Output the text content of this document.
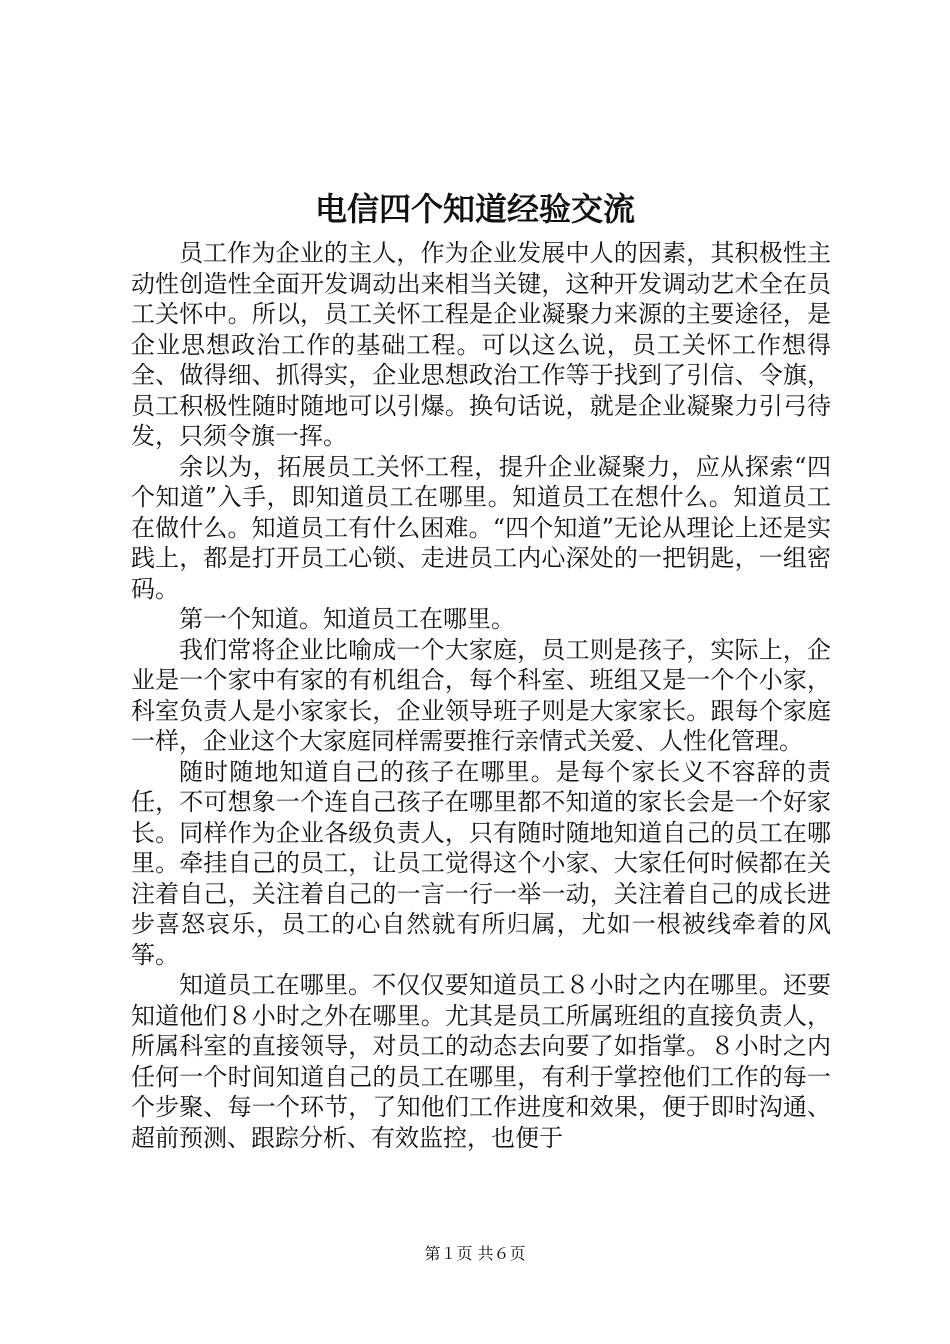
电信四个知道经验交流

员工作为企业的主人，作为企业发展中人的因素，其积极性主动性创造性全面开发调动出来相当关键，这种开发调动艺术全在员工关怀中。所以，员工关怀工程是企业凝聚力来源的主要途径，是企业思想政治工作的基础工程。可以这么说，员工关怀工作想得全、做得细、抓得实，企业思想政治工作等于找到了引信、令旗，员工积极性随时随地可以引爆。换句话说，就是企业凝聚力引弓待发，只须令旗一挥。

余以为，拓展员工关怀工程，提升企业凝聚力，应从探索“四个知道”入手，即知道员工在哪里。知道员工在想什么。知道员工在做什么。知道员工有什么困难。“四个知道”无论从理论上还是实践上，都是打开员工心锁、走进员工内心深处的一把钥匙，一组密码。

第一个知道。知道员工在哪里。

我们常将企业比喻成一个大家庭，员工则是孩子，实际上，企业是一个家中有家的有机组合，每个科室、班组又是一个个小家，科室负责人是小家家长，企业领导班子则是大家家长。跟每个家庭一样，企业这个大家庭同样需要推行亲情式关爱、人性化管理。

随时随地知道自己的孩子在哪里。是每个家长义不容辞的责任，不可想象一个连自己孩子在哪里都不知道的家长会是一个好家长。同样作为企业各级负责人，只有随时随地知道自己的员工在哪里。牵挂自己的员工，让员工觉得这个小家、大家任何时候都在关注着自己，关注着自己的一言一行一举一动，关注着自己的成长进步喜怒哀乐，员工的心自然就有所归属，尤如一根被线牵着的风筝。

知道员工在哪里。不仅仅要知道员工８小时之内在哪里。还要知道他们８小时之外在哪里。尤其是员工所属班组的直接负责人，所属科室的直接领导，对员工的动态去向要了如指掌。８小时之内任何一个时间知道自己的员工在哪里，有利于掌控他们工作的每一个步聚、每一个环节，了知他们工作进度和效果，便于即时沟通、超前预测、跟踪分析、有效监控，也便于

第１页 共６页
